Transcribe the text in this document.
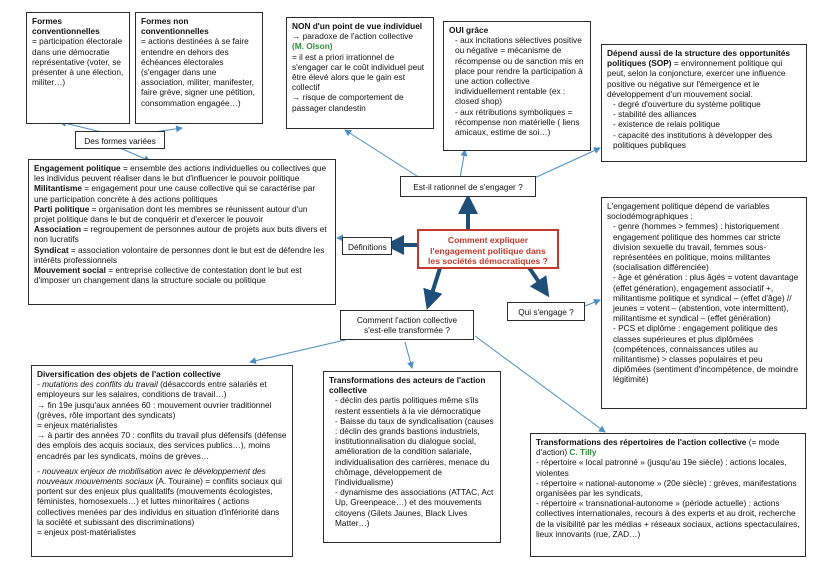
Formes conventionnelles
= participation électorale dans une démocratie représentative (voter, se présenter à une élection, militer…)
Formes non conventionnelles
= actions destinées à se faire entendre en dehors des échéances électorales (s'engager dans une association, militer, manifester, faire grève, signer une pétition, consommation engagée…)
Des formes variées
NON d'un point de vue individuel
→ paradoxe de l'action collective
(M. Olson)
= il est a priori irrationnel de s'engager car le coût individuel peut être élevé alors que le gain est collectif
→ risque de comportement de passager clandestin
OUI grâce
- aux incitations sélectives positive ou négative = mécanisme de récompense ou de sanction mis en place pour rendre la participation à une action collective individuellement rentable (ex : closed shop)
- aux rétributions symboliques = récompense non matérielle ( liens amicaux, estime de soi…)
Dépend aussi de la structure des opportunités politiques (SOP) = environnement politique qui peut, selon la conjoncture, exercer une influence positive ou négative sur l'émergence et le développement d'un mouvement social.
- degré d'ouverture du système politique
- stabilité des alliances
- existence de relais politique
- capacité des institutions à développer des politiques publiques
Engagement politique = ensemble des actions individuelles ou collectives que les individus peuvent réaliser dans le but d'influencer le pouvoir politique
Militantisme = engagement pour une cause collective qui se caractérise par une participation concrète à des actions politiques
Parti politique = organisation dont les membres se réunissent autour d'un projet politique dans le but de conquérir et d'exercer le pouvoir
Association = regroupement de personnes autour de projets aux buts divers et non lucratifs
Syndicat = association volontaire de personnes dont le but est de défendre les intérêts professionnels
Mouvement social = entreprise collective de contestation dont le but est d'imposer un changement dans la structure sociale ou politique
Est-il rationnel de s'engager ?
Comment expliquer l'engagement politique dans les sociétés démocratiques ?
Définitions
Comment l'action collective s'est-elle transformée ?
Qui s'engage ?
L'engagement politique dépend de variables sociodémographiques :
- genre (hommes > femmes) : historiquement engagement politique des hommes car stricte division sexuelle du travail, femmes sous-représentées en politique, moins militantes (socialisation différenciée)
- âge et génération : plus âgés = votent davantage (effet génération), engagement associatif +, militantisme politique et syndical – (effet d'âge) // jeunes = votent – (abstention, vote intermittent), militantisme et syndical – (effet génération)
- PCS et diplôme : engagement politique des classes supérieures et plus diplômées (compétences, connaissances utiles au militantisme) > classes populaires et peu diplômées (sentiment d'incompétence, de moindre légitimité)
Diversification des objets de l'action collective
- mutations des conflits du travail (désaccords entre salariés et employeurs sur les salaires, conditions de travail…)
→ fin 19e jusqu'aux années 60 : mouvement ouvrier traditionnel (grèves, rôle important des syndicats)
= enjeux matérialistes
→ à partir des années 70 : conflits du travail plus défensifs (défense des emplois des acquis sociaux, des services publics…), moins encadrés par les syndicats, moins de grèves…
- nouveaux enjeux de mobilisation avec le développement des nouveaux mouvements sociaux (A. Touraine) = conflits sociaux qui portent sur des enjeux plus qualitatifs (mouvements écologistes, féministes, homosexuels…) et luttes minoritaires ( actions collectives menées par des individus en situation d'infériorité dans la société et subissant des discriminations)
= enjeux post-matérialistes
Transformations des acteurs de l'action collective
- déclin des partis politiques même s'ils restent essentiels à la vie démocratique
- Baisse du taux de syndicalisation (causes : déclin des grands bastions industriels, institutionnalisation du dialogue social, amélioration de la condition salariale, individualisation des carrières, menace du chômage, développement de l'individualisme)
- dynamisme des associations (ATTAC, Act Up, Greenpeace…) et des mouvements citoyens (Gilets Jaunes, Black Lives Matter…)
Transformations des répertoires de l'action collective (= mode d'action) C. Tilly
- répertoire « local patronné » (jusqu'au 19e siècle) : actions locales, violentes
- répertoire « national-autonome » (20e siècle) : grèves, manifestations organisées par les syndicats,
- répertoire « transnational-autonome » (période actuelle) : actions collectives internationales, recours à des experts et au droit, recherche de la visibilité par les médias + réseaux sociaux, actions spectaculaires, lieux innovants (rue, ZAD…)
